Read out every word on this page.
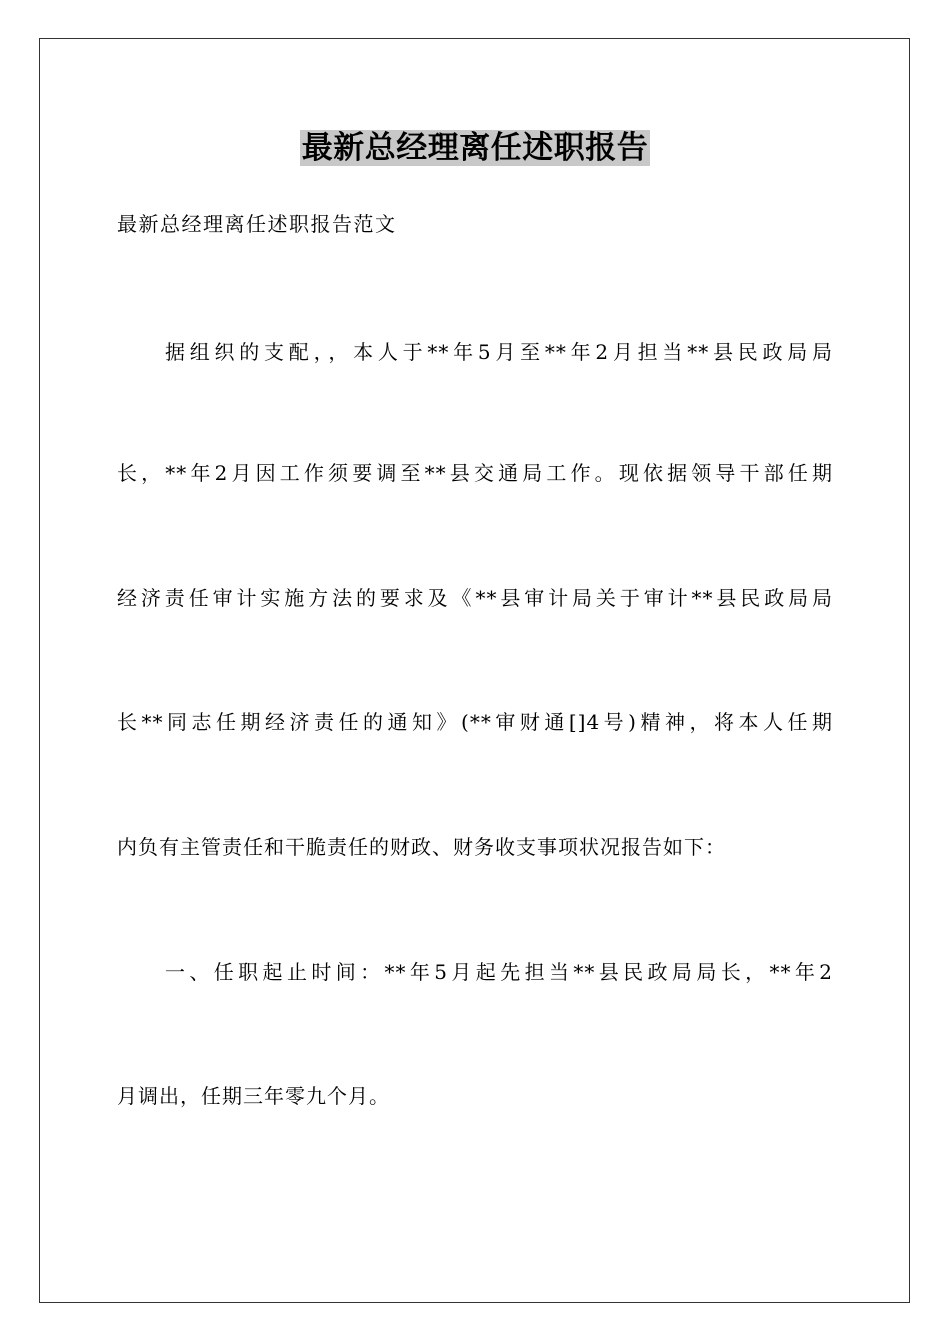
最新总经理离任述职报告

最新总经理离任述职报告范文

据组织的支配，，本人于**年5月至**年2月担当**县民政局局

长，**年2月因工作须要调至**县交通局工作。现依据领导干部任期

经济责任审计实施方法的要求及《**县审计局关于审计**县民政局局

长**同志任期经济责任的通知》(**审财通[]4号)精神，将本人任期

内负有主管责任和干脆责任的财政、财务收支事项状况报告如下：

一、任职起止时间：**年5月起先担当**县民政局局长，**年2

月调出，任期三年零九个月。
